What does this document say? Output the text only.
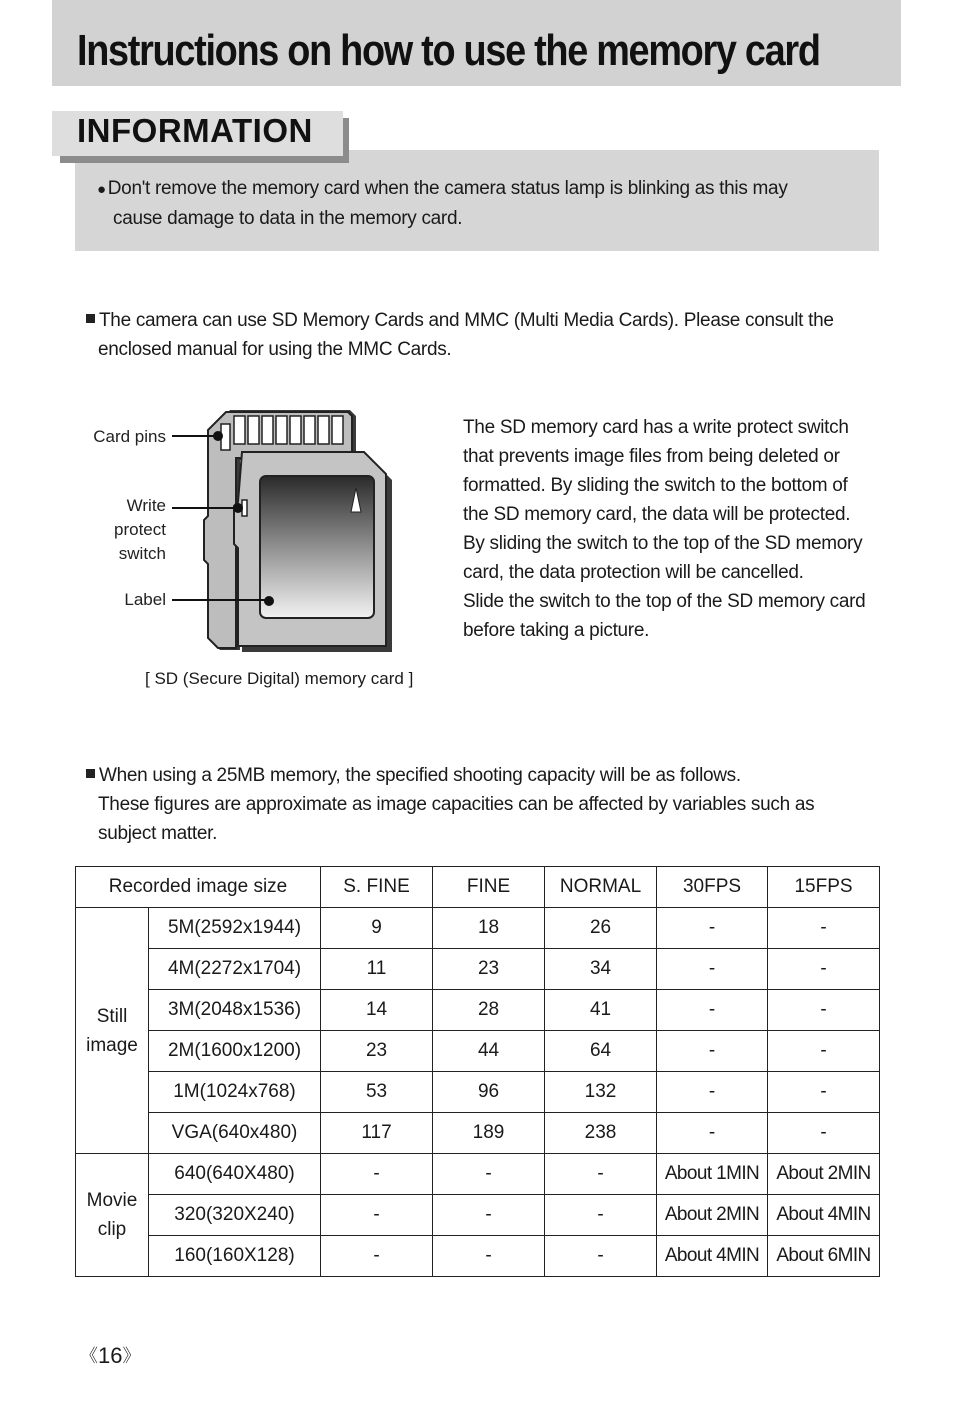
Instructions on how to use the memory card
INFORMATION
● Don't remove the memory card when the camera status lamp is blinking as this may
cause damage to data in the memory card.
The camera can use SD Memory Cards and MMC (Multi Media Cards). Please consult the
enclosed manual for using the MMC Cards.
Card pins
Write
protect
switch
Label
[ SD (Secure Digital) memory card ]
The SD memory card has a write protect switch
that prevents image files from being deleted or
formatted. By sliding the switch to the bottom of
the SD memory card, the data will be protected.
By sliding the switch to the top of the SD memory
card, the data protection will be cancelled.
Slide the switch to the top of the SD memory card
before taking a picture.
When using a 25MB memory, the specified shooting capacity will be as follows.
These figures are approximate as image capacities can be affected by variables such as
subject matter.
Recorded image size		S. FINE	FINE	NORMAL	30FPS	15FPS
Still
image	5M(2592x1944)	9	18	26	-	-
	4M(2272x1704)	11	23	34	-	-
	3M(2048x1536)	14	28	41	-	-
	2M(1600x1200)	23	44	64	-	-
	1M(1024x768)	53	96	132	-	-
	VGA(640x480)	117	189	238	-	-
Movie
clip	640(640X480)	-	-	-	About 1MIN	About 2MIN
	320(320X240)	-	-	-	About 2MIN	About 4MIN
	160(160X128)	-	-	-	About 4MIN	About 6MIN
《16》
